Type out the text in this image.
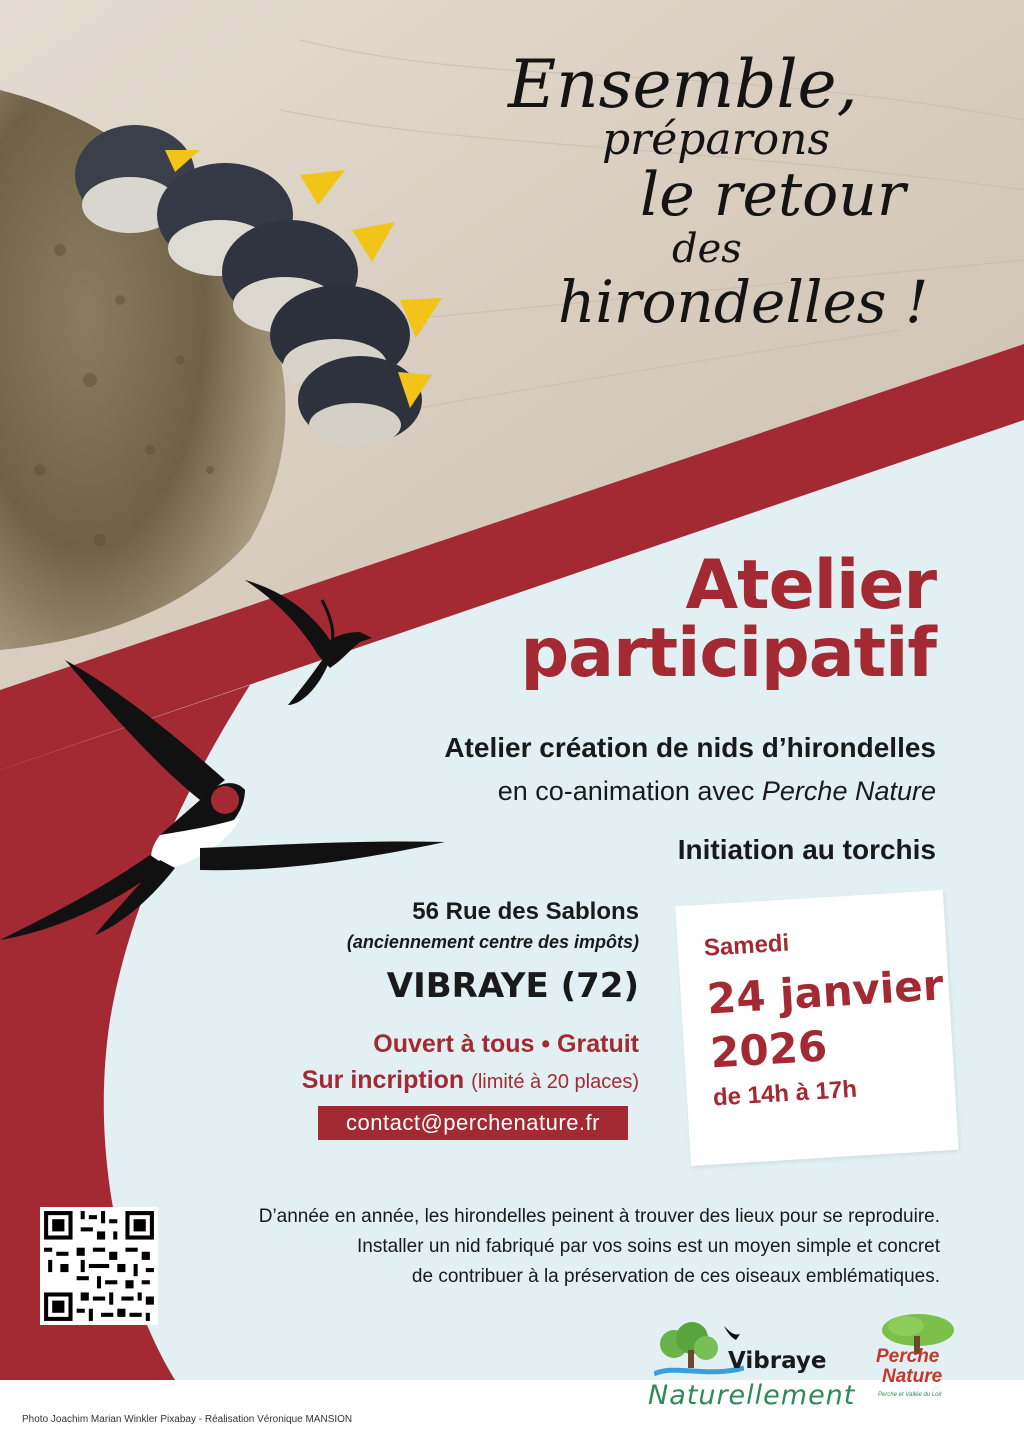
Ensemble,

préparons

le retour

des

hirondelles !

Atelier

participatif

Atelier création de nids d’hirondelles

en co-animation avec Perche Nature

Initiation au torchis

56 Rue des Sablons

(anciennement centre des impôts)

VIBRAYE (72)

Ouvert à tous • Gratuit

Sur incription (limité à 20 places)

contact@perchenature.fr

Samedi

24 janvier

2026

de 14h à 17h

D’année en année, les hirondelles peinent à trouver des lieux pour se reproduire.

Installer un nid fabriqué par vos soins est un moyen simple et concret

de contribuer à la préservation de ces oiseaux emblématiques.

Photo Joachim Marian Winkler Pixabay - Réalisation Véronique MANSION
Vibraye
Naturellement
Perche
Nature
Perche et Vallée du Loir
